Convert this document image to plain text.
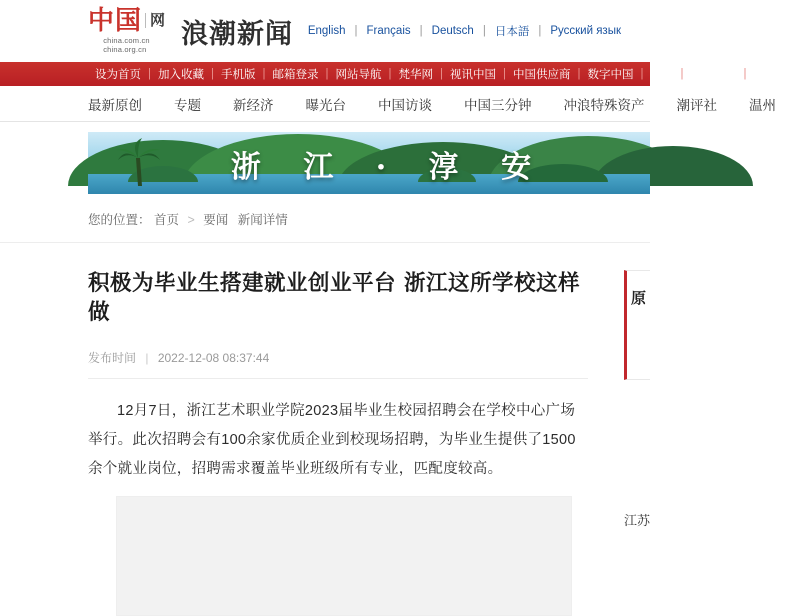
中国 网
china.com.cn
china.org.cn 浪潮新闻	English | Français | Deutsch | 日本語 | Русский язык
设为首页 | 加入收藏 | 手机版 | 邮箱登录 | 网站导航 | 梵华网 | 视讯中国 | 中国供应商 | 数字中国 | 联播 | 风采中国 | 中
最新原创	专题	新经济	曝光台	中国访谈	中国三分钟	冲浪特殊资产	潮评社	温州
浙 江 · 淳 安
您的位置： 首页 > 要闻 新闻详情
积极为毕业生搭建就业创业平台 浙江这所学校这样做
发布时间 | 2022-12-08 08:37:44

12月7日，浙江艺术职业学院2023届毕业生校园招聘会在学校中心广场举行。此次招聘会有100余家优质企业到校现场招聘，为毕业生提供了1500余个就业岗位，招聘需求覆盖毕业班级所有专业，匹配度较高。

原
江苏
